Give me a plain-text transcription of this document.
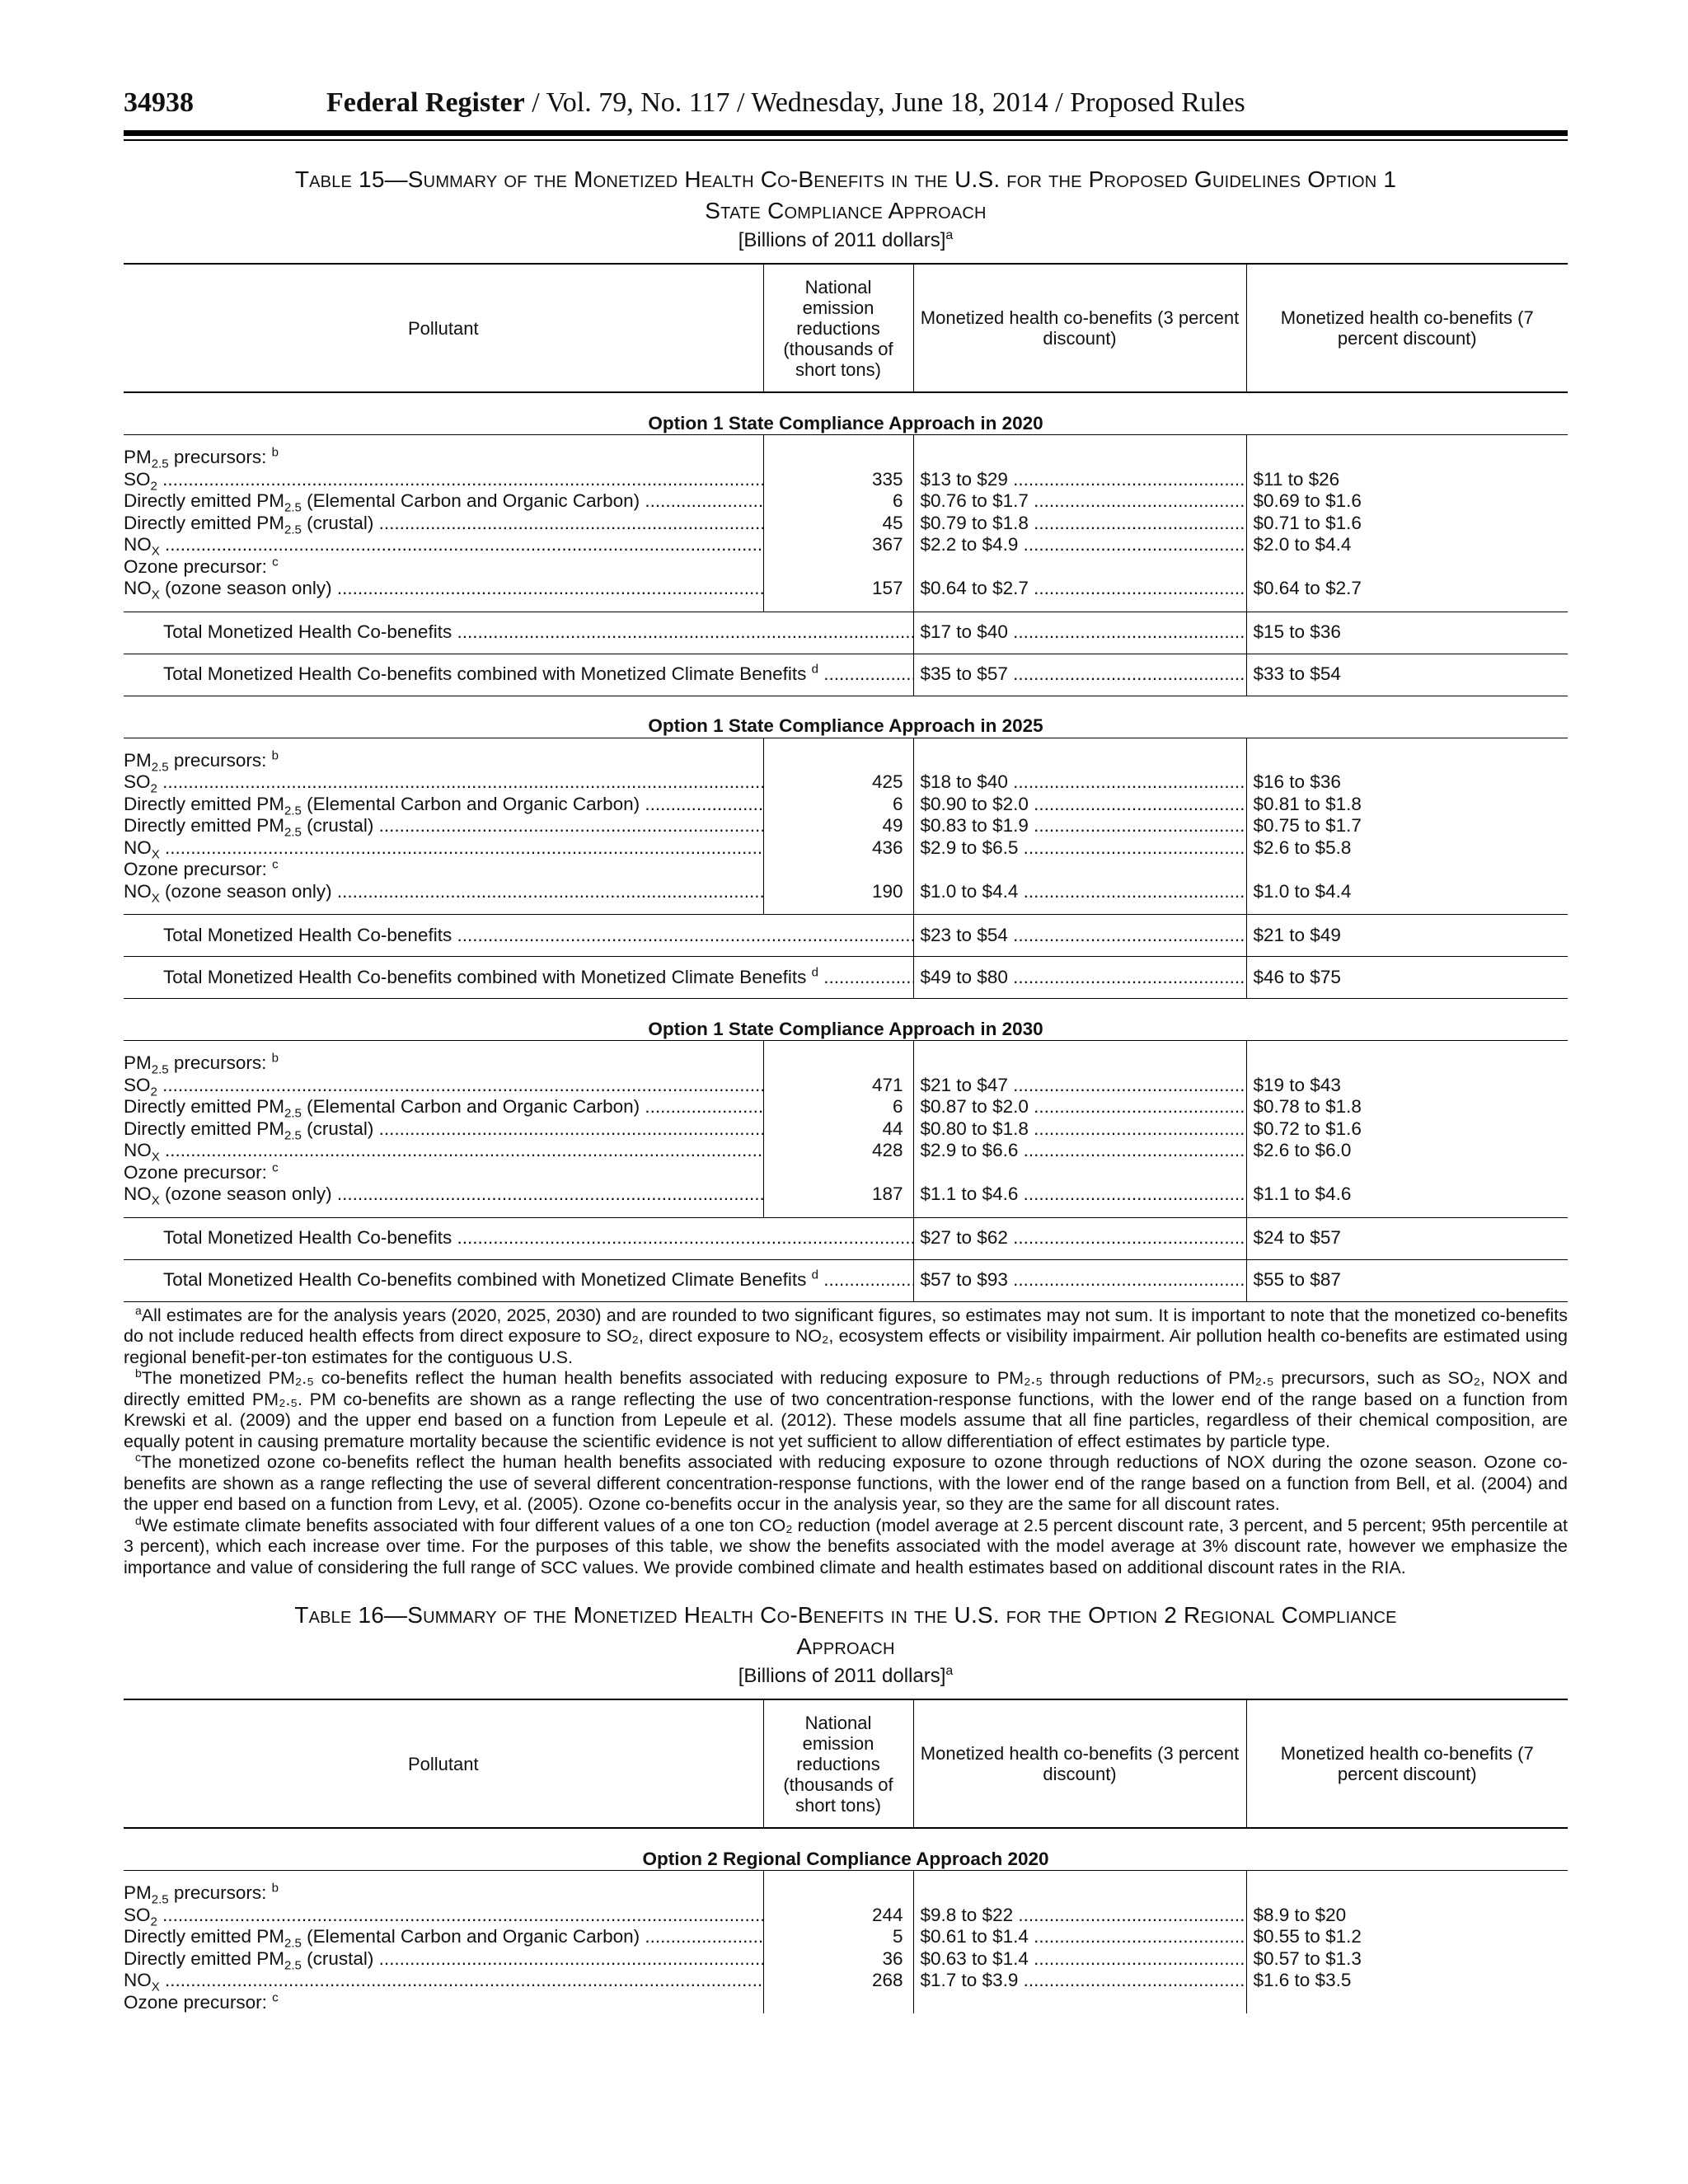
34938	Federal Register / Vol. 79, No. 117 / Wednesday, June 18, 2014 / Proposed Rules
Table 15—Summary of the Monetized Health Co-Benefits in the U.S. for the Proposed Guidelines Option 1
State Compliance Approach
[Billions of 2011 dollars]$^a$
Pollutant	National emission reductions (thousands of short tons)	Monetized health co-benefits (3 percent discount)	Monetized health co-benefits (7 percent discount)
Option 1 State Compliance Approach in 2020			

$PM_{2.5}$ precursors: $^b$			
$SO_2$ .....	335	$13 to $29 .....	$11 to $26
Directly emitted $PM_{2.5}$ (Elemental Carbon and Organic Carbon) .....	6	$0.76 to $1.7 .....	$0.69 to $1.6
Directly emitted $PM_{2.5}$ (crustal) .....	45	$0.79 to $1.8 .....	$0.71 to $1.6
$NO_X$ .....	367	$2.2 to $4.9 .....	$2.0 to $4.4
Ozone precursor: $^c$			
$NO_X$ (ozone season only) .....	157	$0.64 to $2.7 .....	$0.64 to $2.7

Total Monetized Health Co-benefits .....		$17 to $40 .....	$15 to $36
Total Monetized Health Co-benefits combined with Monetized Climate Benefits $^d$ .....		$35 to $57 .....	$33 to $54
Option 1 State Compliance Approach in 2025			

$PM_{2.5}$ precursors: $^b$			
$SO_2$ .....	425	$18 to $40 .....	$16 to $36
Directly emitted $PM_{2.5}$ (Elemental Carbon and Organic Carbon) .....	6	$0.90 to $2.0 .....	$0.81 to $1.8
Directly emitted $PM_{2.5}$ (crustal) .....	49	$0.83 to $1.9 .....	$0.75 to $1.7
$NO_X$ .....	436	$2.9 to $6.5 .....	$2.6 to $5.8
Ozone precursor: $^c$			
$NO_X$ (ozone season only) .....	190	$1.0 to $4.4 .....	$1.0 to $4.4

Total Monetized Health Co-benefits .....		$23 to $54 .....	$21 to $49
Total Monetized Health Co-benefits combined with Monetized Climate Benefits $^d$ .....		$49 to $80 .....	$46 to $75
Option 1 State Compliance Approach in 2030			

$PM_{2.5}$ precursors: $^b$			
$SO_2$ .....	471	$21 to $47 .....	$19 to $43
Directly emitted $PM_{2.5}$ (Elemental Carbon and Organic Carbon) .....	6	$0.87 to $2.0 .....	$0.78 to $1.8
Directly emitted $PM_{2.5}$ (crustal) .....	44	$0.80 to $1.8 .....	$0.72 to $1.6
$NO_X$ .....	428	$2.9 to $6.6 .....	$2.6 to $6.0
Ozone precursor: $^c$			
$NO_X$ (ozone season only) .....	187	$1.1 to $4.6 .....	$1.1 to $4.6

Total Monetized Health Co-benefits .....		$27 to $62 .....	$24 to $57
Total Monetized Health Co-benefits combined with Monetized Climate Benefits $^d$ .....		$57 to $93 .....	$55 to $87

$^a$All estimates are for the analysis years (2020, 2025, 2030) and are rounded to two significant figures, so estimates may not sum. It is important to note that the monetized co-benefits do not include reduced health effects from direct exposure to SO₂, direct exposure to NO₂, ecosystem effects or visibility impairment. Air pollution health co-benefits are estimated using regional benefit-per-ton estimates for the contiguous U.S.

$^b$The monetized PM₂.₅ co-benefits reflect the human health benefits associated with reducing exposure to PM₂.₅ through reductions of PM₂.₅ precursors, such as SO₂, NOX and directly emitted PM₂.₅. PM co-benefits are shown as a range reflecting the use of two concentration-response functions, with the lower end of the range based on a function from Krewski et al. (2009) and the upper end based on a function from Lepeule et al. (2012). These models assume that all fine particles, regardless of their chemical composition, are equally potent in causing premature mortality because the scientific evidence is not yet sufficient to allow differentiation of effect estimates by particle type.

$^c$The monetized ozone co-benefits reflect the human health benefits associated with reducing exposure to ozone through reductions of NOX during the ozone season. Ozone co-benefits are shown as a range reflecting the use of several different concentration-response functions, with the lower end of the range based on a function from Bell, et al. (2004) and the upper end based on a function from Levy, et al. (2005). Ozone co-benefits occur in the analysis year, so they are the same for all discount rates.

$^d$We estimate climate benefits associated with four different values of a one ton CO₂ reduction (model average at 2.5 percent discount rate, 3 percent, and 5 percent; 95th percentile at 3 percent), which each increase over time. For the purposes of this table, we show the benefits associated with the model average at 3% discount rate, however we emphasize the importance and value of considering the full range of SCC values. We provide combined climate and health estimates based on additional discount rates in the RIA.

Table 16—Summary of the Monetized Health Co-Benefits in the U.S. for the Option 2 Regional Compliance
Approach
[Billions of 2011 dollars]$^a$
Pollutant	National emission reductions (thousands of short tons)	Monetized health co-benefits (3 percent discount)	Monetized health co-benefits (7 percent discount)
Option 2 Regional Compliance Approach 2020			

$PM_{2.5}$ precursors: $^b$			
$SO_2$ .....	244	$9.8 to $22 .....	$8.9 to $20
Directly emitted $PM_{2.5}$ (Elemental Carbon and Organic Carbon) .....	5	$0.61 to $1.4 .....	$0.55 to $1.2
Directly emitted $PM_{2.5}$ (crustal) .....	36	$0.63 to $1.4 .....	$0.57 to $1.3
$NO_X$ .....	268	$1.7 to $3.9 .....	$1.6 to $3.5
Ozone precursor: $^c$			
